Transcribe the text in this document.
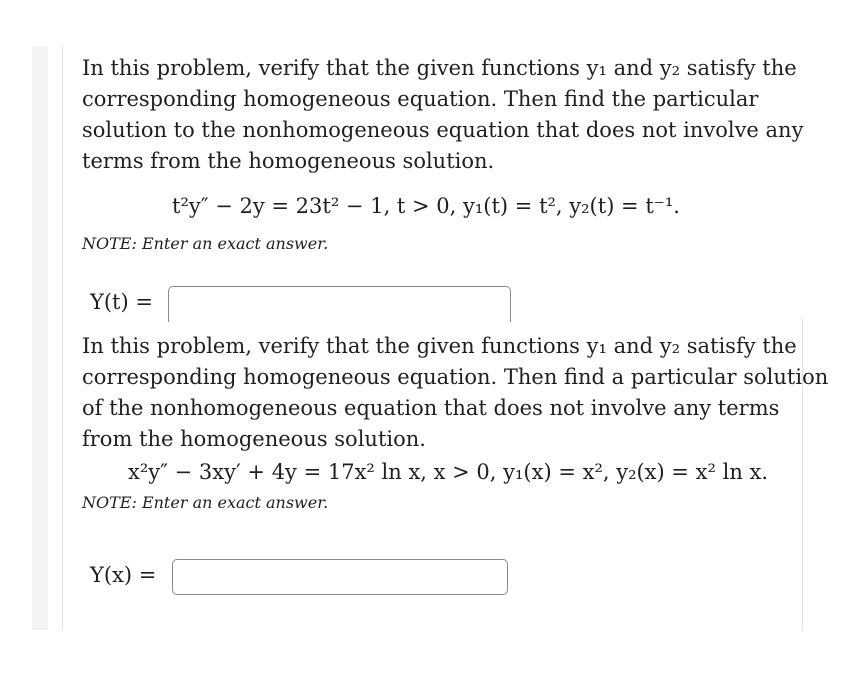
In this problem, verify that the given functions y₁ and y₂ satisfy the
corresponding homogeneous equation. Then find the particular
solution to the nonhomogeneous equation that does not involve any
terms from the homogeneous solution.
t²y″ − 2y = 23t² − 1, t > 0, y₁(t) = t², y₂(t) = t⁻¹.
NOTE: Enter an exact answer.
Y(t) =
In this problem, verify that the given functions y₁ and y₂ satisfy the
corresponding homogeneous equation. Then find a particular solution
of the nonhomogeneous equation that does not involve any terms
from the homogeneous solution.
x²y″ − 3xy′ + 4y = 17x² ln x, x > 0, y₁(x) = x², y₂(x) = x² ln x.
NOTE: Enter an exact answer.
Y(x) =
